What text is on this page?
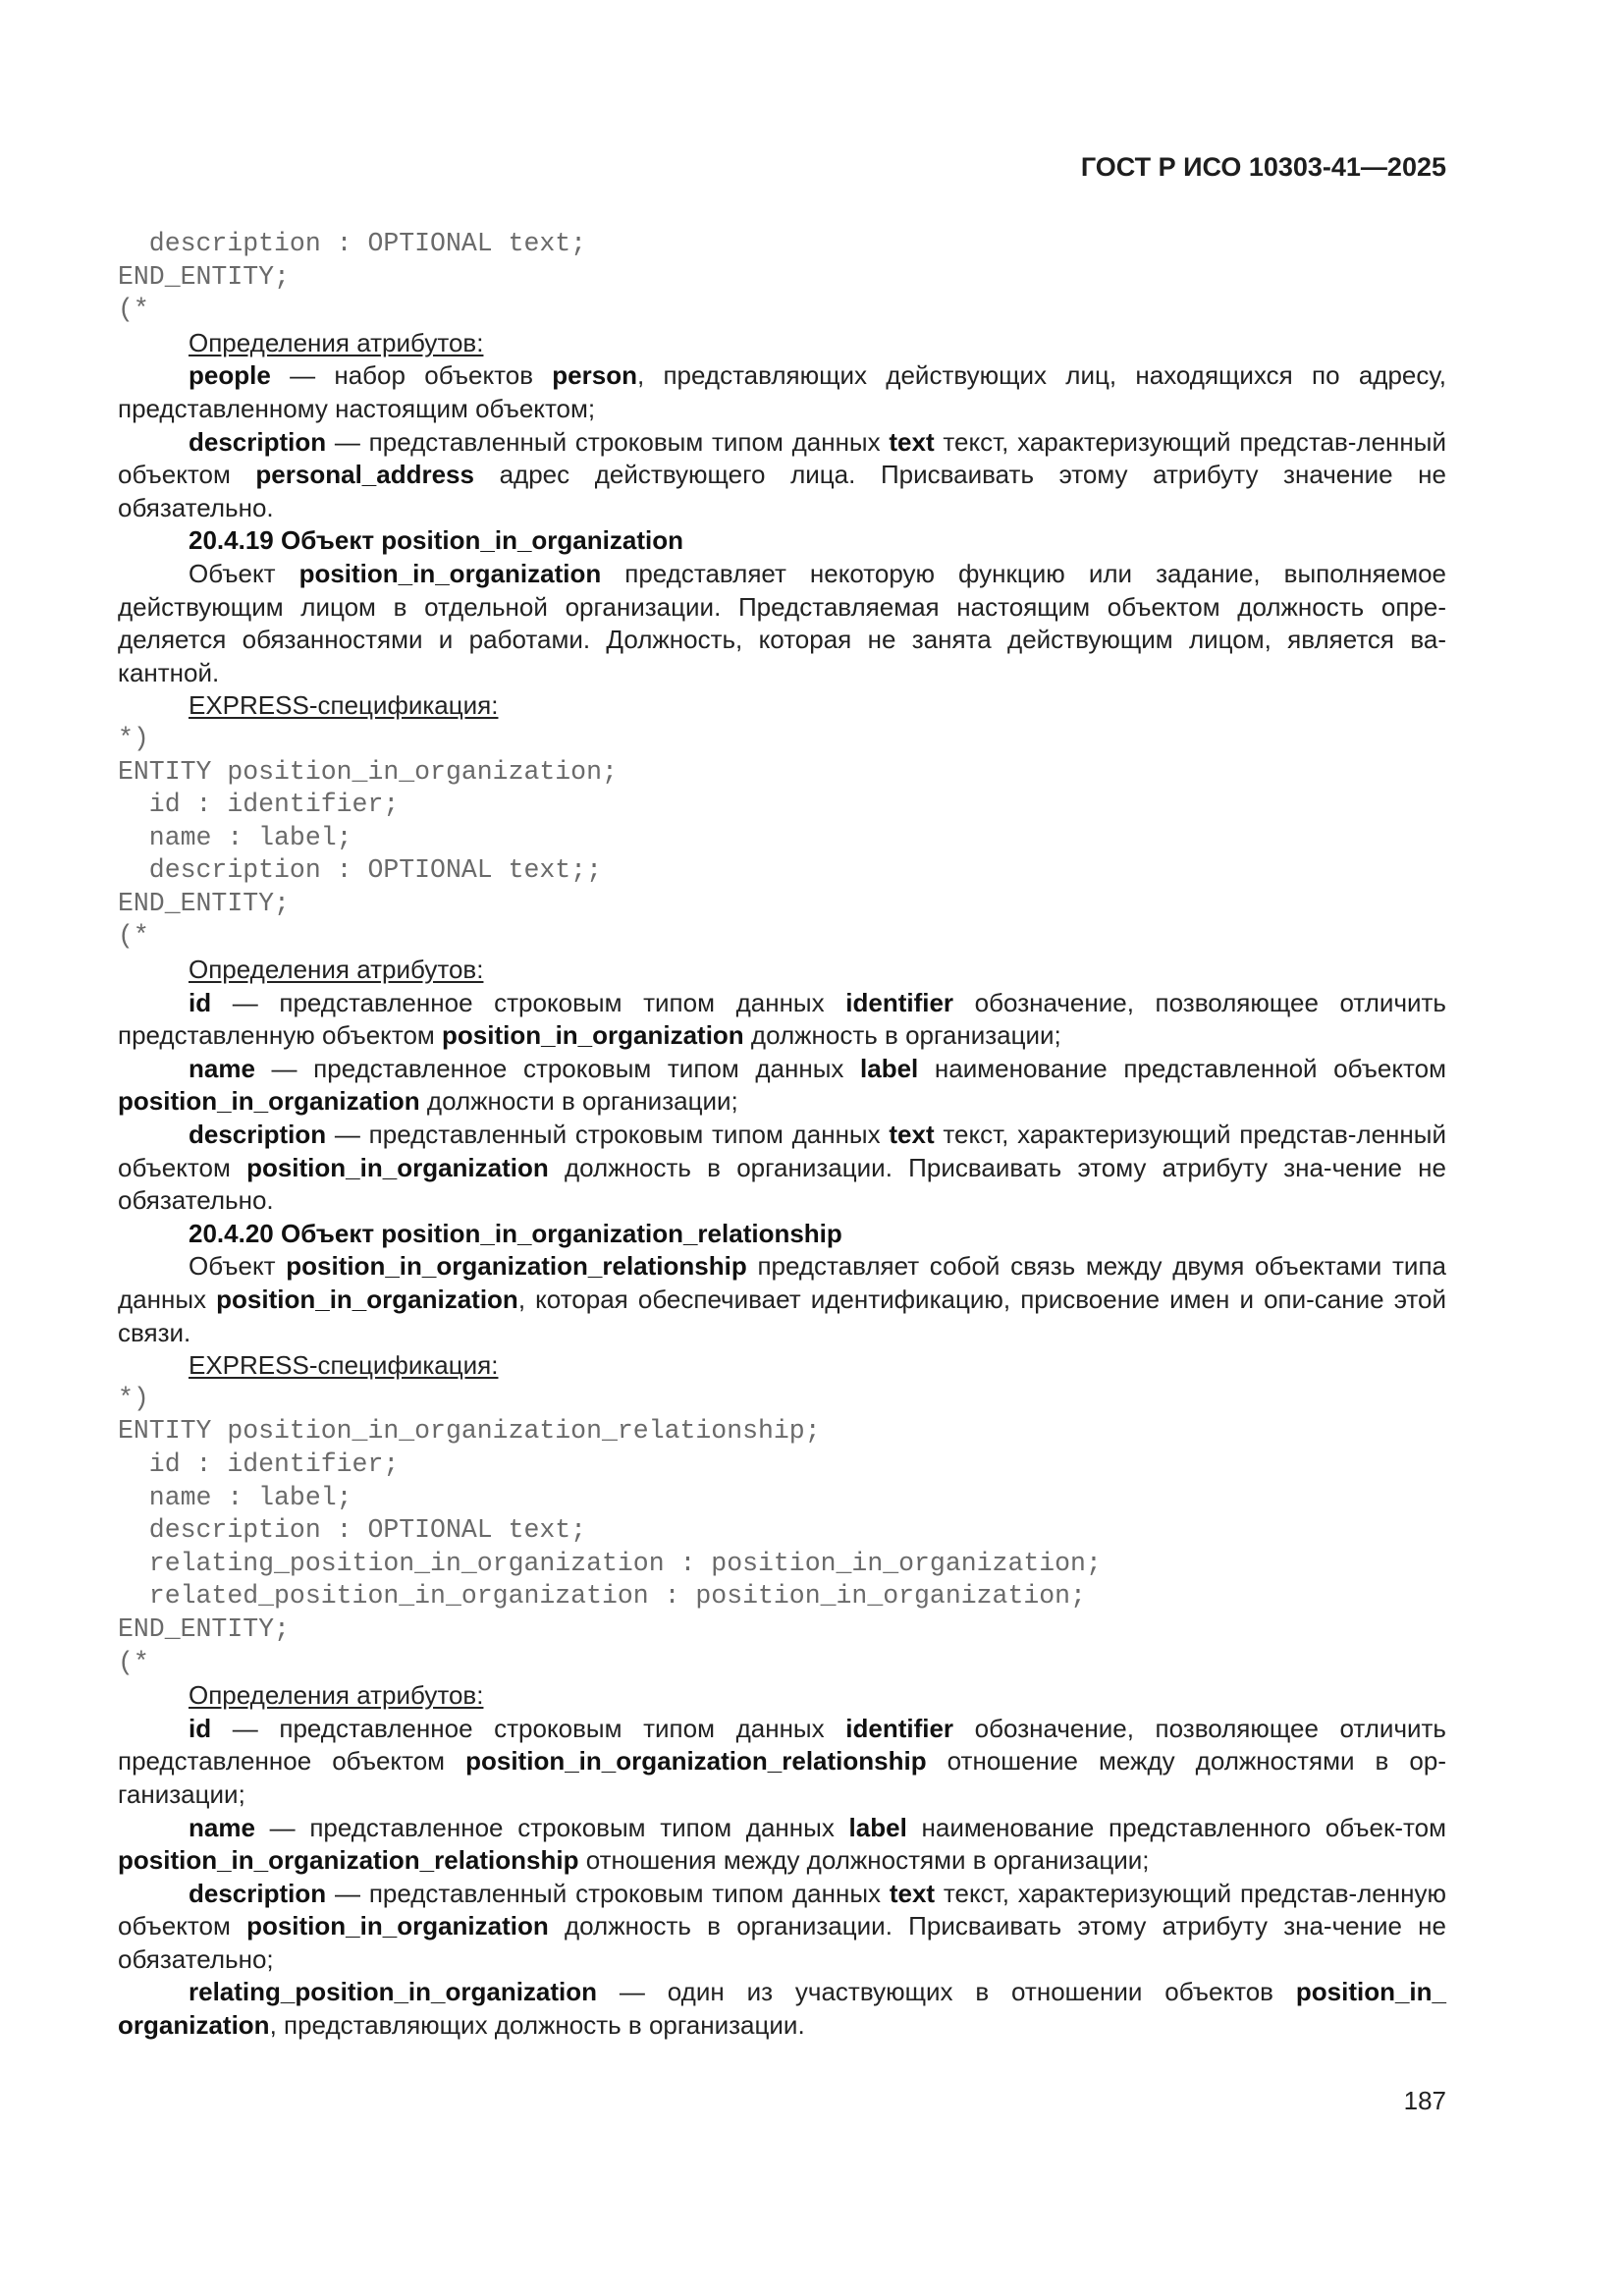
ГОСТ Р ИСО 10303-41—2025
description : OPTIONAL text;
END_ENTITY;
(*

Определения атрибутов:

people — набор объектов person, представляющих действующих лиц, находящихся по адресу, представленному настоящим объектом;

description — представленный строковым типом данных text текст, характеризующий представ-ленный объектом personal_address адрес действующего лица. Присваивать этому атрибуту значение не обязательно.

20.4.19 Объект position_in_organization

Объект position_in_organization представляет некоторую функцию или задание, выполняемое действующим лицом в отдельной организации. Представляемая настоящим объектом должность опре-деляется обязанностями и работами. Должность, которая не занята действующим лицом, является ва-кантной.

EXPRESS-спецификация:

*)
ENTITY position_in_organization;
id : identifier;
name : label;
description : OPTIONAL text;;
END_ENTITY;
(*

Определения атрибутов:

id — представленное строковым типом данных identifier обозначение, позволяющее отличить представленную объектом position_in_organization должность в организации;

name — представленное строковым типом данных label наименование представленной объектом position_in_organization должности в организации;

description — представленный строковым типом данных text текст, характеризующий представ-ленный объектом position_in_organization должность в организации. Присваивать этому атрибуту зна-чение не обязательно.

20.4.20 Объект position_in_organization_relationship

Объект position_in_organization_relationship представляет собой связь между двумя объектами типа данных position_in_organization, которая обеспечивает идентификацию, присвоение имен и опи-сание этой связи.

EXPRESS-спецификация:

*)
ENTITY position_in_organization_relationship;
id : identifier;
name : label;
description : OPTIONAL text;
relating_position_in_organization : position_in_organization;
related_position_in_organization : position_in_organization;
END_ENTITY;
(*

Определения атрибутов:

id — представленное строковым типом данных identifier обозначение, позволяющее отличить представленное объектом position_in_organization_relationship отношение между должностями в ор-ганизации;

name — представленное строковым типом данных label наименование представленного объек-том position_in_organization_relationship отношения между должностями в организации;

description — представленный строковым типом данных text текст, характеризующий представ-ленную объектом position_in_organization должность в организации. Присваивать этому атрибуту зна-чение не обязательно;

relating_position_in_organization — один из участвующих в отношении объектов position_in_ organization, представляющих должность в организации.

187
